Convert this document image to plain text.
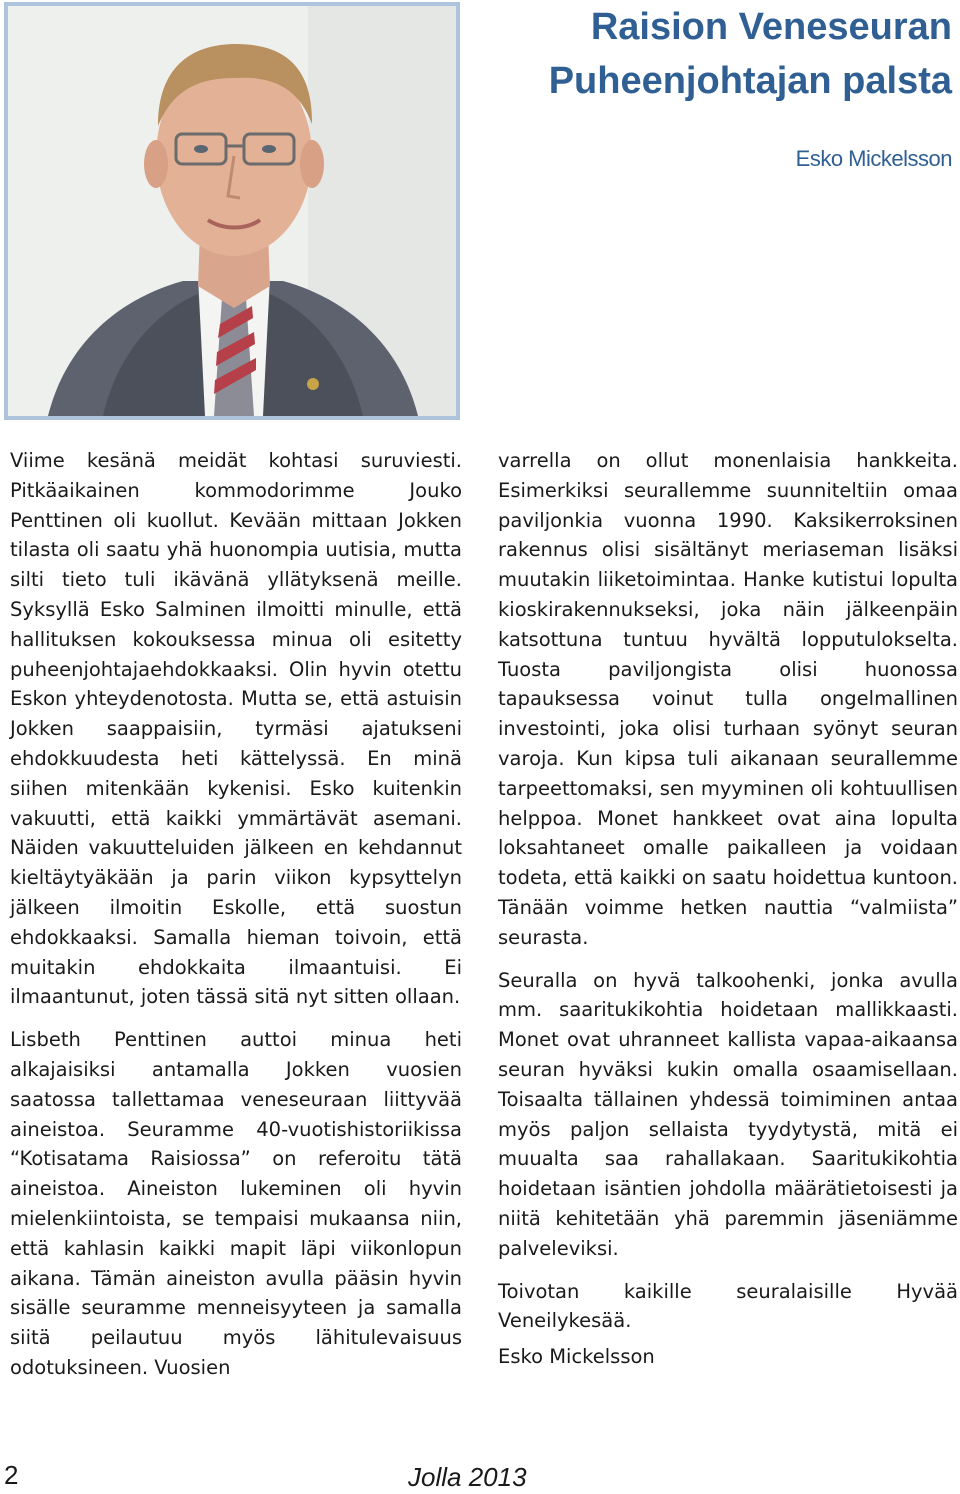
Raision Veneseuran
Puheenjohtajan palsta
Esko Mickelsson

Viime kesänä meidät kohtasi suruviesti. Pitkäaikainen kommodorimme Jouko Penttinen oli kuollut. Kevään mittaan Jokken tilasta oli saatu yhä huonompia uutisia, mutta silti tieto tuli ikävänä yllätyksenä meille. Syksyllä Esko Salminen ilmoitti minulle, että hallituksen kokouksessa minua oli esitetty puheenjohtajaehdokkaaksi. Olin hyvin otettu Eskon yhteydenotosta. Mutta se, että astuisin Jokken saappaisiin, tyrmäsi ajatukseni ehdokkuudesta heti kättelyssä. En minä siihen mitenkään kykenisi. Esko kuitenkin vakuutti, että kaikki ymmärtävät asemani. Näiden vakuutteluiden jälkeen en kehdannut kieltäytyäkään ja parin viikon kypsyttelyn jälkeen ilmoitin Eskolle, että suostun ehdokkaaksi. Samalla hieman toivoin, että muitakin ehdokkaita ilmaantuisi. Ei ilmaantunut, joten tässä sitä nyt sitten ollaan.

Lisbeth Penttinen auttoi minua heti alkajaisiksi antamalla Jokken vuosien saatossa tallettamaa veneseuraan liittyvää aineistoa. Seuramme 40-vuotishistoriikissa “Kotisatama Raisiossa” on referoitu tätä aineistoa. Aineiston lukeminen oli hyvin mielenkiintoista, se tempaisi mukaansa niin, että kahlasin kaikki mapit läpi viikonlopun aikana. Tämän aineiston avulla pääsin hyvin sisälle seuramme menneisyyteen ja samalla siitä peilautuu myös lähitulevaisuus odotuksineen. Vuosien

varrella on ollut monenlaisia hankkeita. Esimerkiksi seurallemme suunniteltiin omaa paviljonkia vuonna 1990. Kaksikerroksinen rakennus olisi sisältänyt meriaseman lisäksi muutakin liiketoimintaa. Hanke kutistui lopulta kioskirakennukseksi, joka näin jälkeenpäin katsottuna tuntuu hyvältä lopputulokselta. Tuosta paviljongista olisi huonossa tapauksessa voinut tulla ongelmallinen investointi, joka olisi turhaan syönyt seuran varoja. Kun kipsa tuli aikanaan seurallemme tarpeettomaksi, sen myyminen oli kohtuullisen helppoa. Monet hankkeet ovat aina lopulta loksahtaneet omalle paikalleen ja voidaan todeta, että kaikki on saatu hoidettua kuntoon. Tänään voimme hetken nauttia “valmiista” seurasta.

Seuralla on hyvä talkoohenki, jonka avulla mm. saaritukikohtia hoidetaan mallikkaasti. Monet ovat uhranneet kallista vapaa-aikaansa seuran hyväksi kukin omalla osaamisellaan. Toisaalta tällainen yhdessä toimiminen antaa myös paljon sellaista tyydytystä, mitä ei muualta saa rahallakaan. Saaritukikohtia hoidetaan isäntien johdolla määrätietoisesti ja niitä kehitetään yhä paremmin jäseniämme palveleviksi.

Toivotan kaikille seuralaisille Hyvää Veneilykesää.

Esko Mickelsson

2	Jolla 2013
